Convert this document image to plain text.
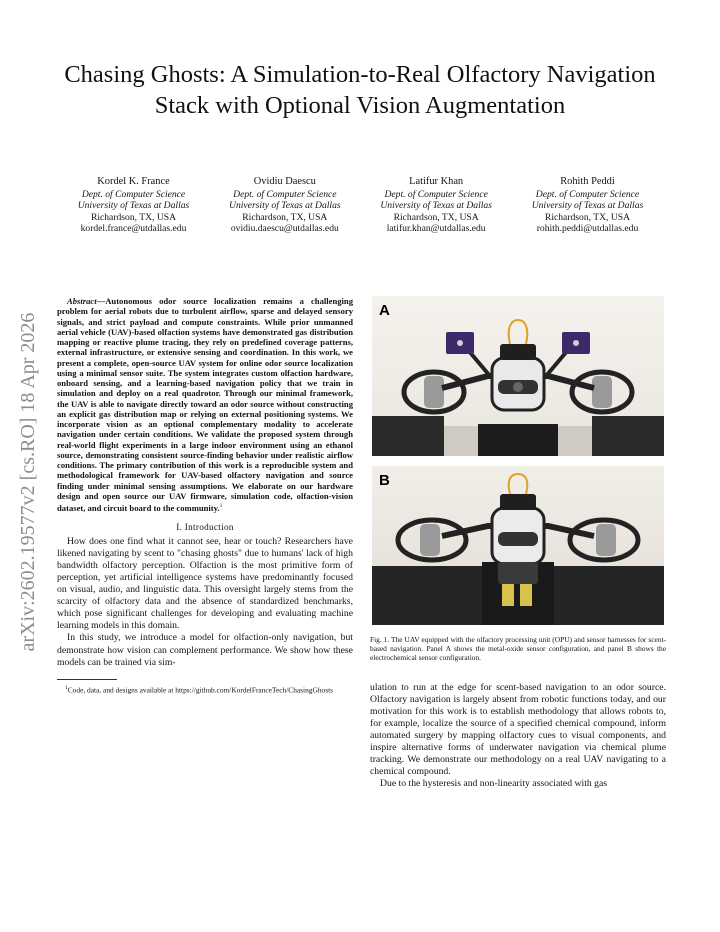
arXiv:2602.19577v2 [cs.RO] 18 Apr 2026
Chasing Ghosts: A Simulation-to-Real Olfactory Navigation Stack with Optional Vision Augmentation
Kordel K. France
Dept. of Computer Science
University of Texas at Dallas
Richardson, TX, USA
kordel.france@utdallas.edu
Ovidiu Daescu
Dept. of Computer Science
University of Texas at Dallas
Richardson, TX, USA
ovidiu.daescu@utdallas.edu
Latifur Khan
Dept. of Computer Science
University of Texas at Dallas
Richardson, TX, USA
latifur.khan@utdallas.edu
Rohith Peddi
Dept. of Computer Science
University of Texas at Dallas
Richardson, TX, USA
rohith.peddi@utdallas.edu

Abstract—Autonomous odor source localization remains a challenging problem for aerial robots due to turbulent airflow, sparse and delayed sensory signals, and strict payload and compute constraints. While prior unmanned aerial vehicle (UAV)-based olfaction systems have demonstrated gas distribution mapping or reactive plume tracing, they rely on predefined coverage patterns, external infrastructure, or extensive sensing and coordination. In this work, we present a complete, open-source UAV system for online odor source localization using a minimal sensor suite. The system integrates custom olfaction hardware, onboard sensing, and a learning-based navigation policy that we train in simulation and deploy on a real quadrotor. Through our minimal framework, the UAV is able to navigate directly toward an odor source without constructing an explicit gas distribution map or relying on external positioning systems. We incorporate vision as an optional complementary modality to accelerate navigation under certain conditions. We validate the proposed system through real-world flight experiments in a large indoor environment using an ethanol source, demonstrating consistent source-finding behavior under realistic airflow conditions. The primary contribution of this work is a reproducible system and methodological framework for UAV-based olfactory navigation and source finding under minimal sensing assumptions. We elaborate on our hardware design and open source our UAV firmware, simulation code, olfaction-vision dataset, and circuit board to the community.$^1$

I. Introduction

How does one find what it cannot see, hear or touch? Researchers have likened navigating by scent to "chasing ghosts" due to humans' lack of high bandwidth olfactory perception. Olfaction is the most primitive form of perception, yet artificial intelligence systems have predominantly focused on visual, audio, and linguistic data. This oversight largely stems from the scarcity of olfactory data and the absence of standardized benchmarks, which pose significant challenges for developing and evaluating machine learning models in this domain.

In this study, we introduce a model for olfaction-only navigation, but demonstrate how vision can complement performance. We show how these models can be trained via sim-

$^1$Code, data, and designs available at https://github.com/KordelFranceTech/ChasingGhosts

A
B

Fig. 1. The UAV equipped with the olfactory processing unit (OPU) and sensor harnesses for scent-based navigation. Panel A shows the metal-oxide sensor configuration, and panel B shows the electrochemical sensor configuration.

ulation to run at the edge for scent-based navigation to an odor source. Olfactory navigation is largely absent from robotic functions today, and our motivation for this work is to establish methodology that allows robots to, for example, localize the source of a specified chemical compound, inform automated surgery by mapping olfactory cues to visual components, and inspire alternative forms of underwater navigation via chemical plume tracking. We demonstrate our methodology on a real UAV navigating to a chemical compound.

Due to the hysteresis and non-linearity associated with gas
